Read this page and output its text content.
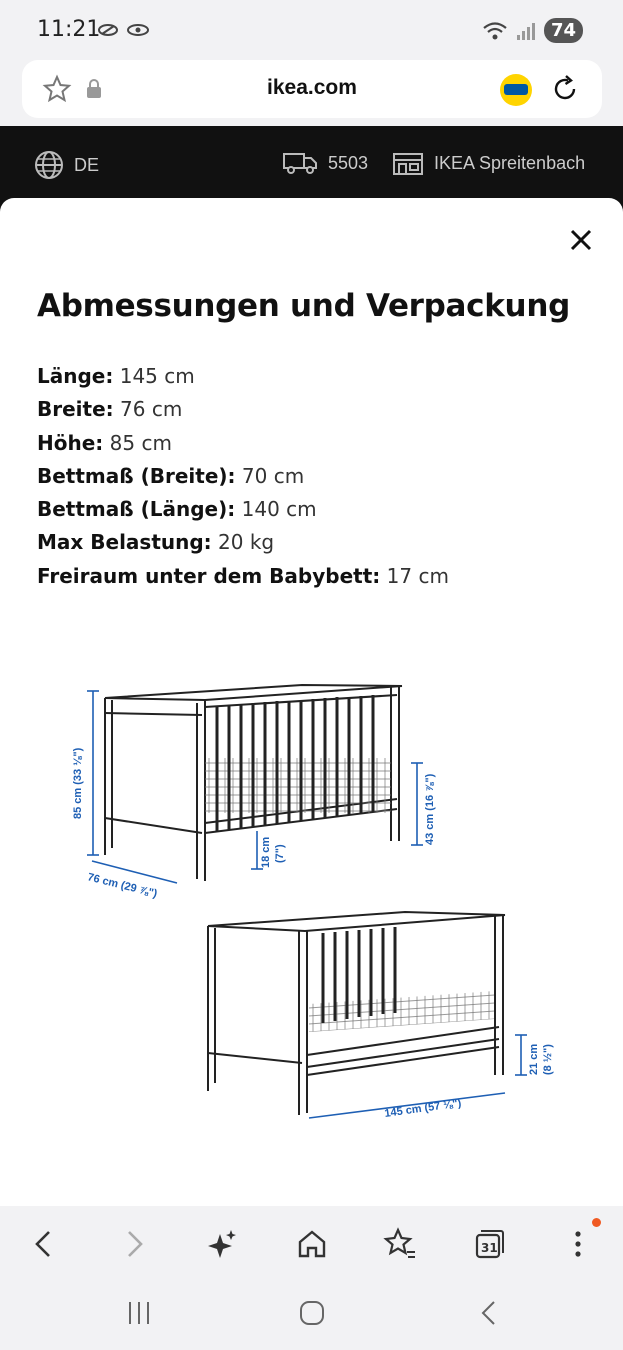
11:21	74
ikea.com
DE	5503	IKEA Spreitenbach
Abmessungen und Verpackung
Länge: 145 cm
Breite: 76 cm
Höhe: 85 cm
Bettmaß (Breite): 70 cm
Bettmaß (Länge): 140 cm
Max Belastung: 20 kg
Freiraum unter dem Babybett: 17 cm
85 cm (33 ⅛")
76 cm (29 ⅞")
18 cm (7")
43 cm (16 ⅞")
145 cm (57 ⅛")
21 cm (8 ½")
31
